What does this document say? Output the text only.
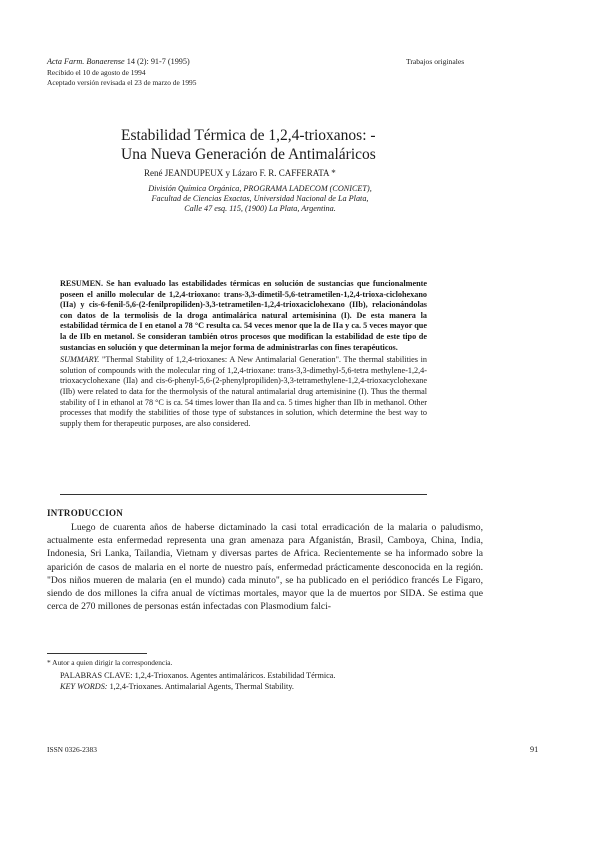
Acta Farm. Bonaerense 14 (2): 91-7 (1995)
Recibido el 10 de agosto de 1994
Aceptado versión revisada el 23 de marzo de 1995
Trabajos originales
Estabilidad Térmica de 1,2,4-trioxanos: -
Una Nueva Generación de Antimaláricos
René JEANDUPEUX y Lázaro F. R. CAFFERATA *
División Química Orgánica, PROGRAMA LADECOM (CONICET),
Facultad de Ciencias Exactas, Universidad Nacional de La Plata,
Calle 47 esq. 115, (1900) La Plata, Argentina.

RESUMEN. Se han evaluado las estabilidades térmicas en solución de sustancias que funcionalmente poseen el anillo molecular de 1,2,4-trioxano: trans-3,3-dimetil-5,6-tetrametilen-1,2,4-trioxa-ciclohexano (IIa) y cis-6-fenil-5,6-(2-fenilpropiliden)-3,3-tetrametilen-1,2,4-trioxaciclohexano (IIb), relacionándolas con datos de la termolisis de la droga antimalárica natural artemisinina (I). De esta manera la estabilidad térmica de I en etanol a 78 °C resulta ca. 54 veces menor que la de IIa y ca. 5 veces mayor que la de IIb en metanol. Se consideran también otros procesos que modifican la estabilidad de este tipo de sustancias en solución y que determinan la mejor forma de administrarlas con fines terapéuticos.

SUMMARY. "Thermal Stability of 1,2,4-trioxanes: A New Antimalarial Generation". The thermal stabilities in solution of compounds with the molecular ring of 1,2,4-trioxane: trans-3,3-dimethyl-5,6-tetra methylene-1,2,4-trioxacyclohexane (IIa) and cis-6-phenyl-5,6-(2-phenylpropiliden)-3,3-tetramethylene-1,2,4-trioxacyclohexane (IIb) were related to data for the thermolysis of the natural antimalarial drug artemisinine (I). Thus the thermal stability of I in ethanol at 78 °C is ca. 54 times lower than IIa and ca. 5 times higher than IIb in methanol. Other processes that modify the stabilities of those type of substances in solution, which determine the best way to supply them for therapeutic purposes, are also considered.

INTRODUCCION

Luego de cuarenta años de haberse dictaminado la casi total erradicación de la malaria o paludismo, actualmente esta enfermedad representa una gran amenaza para Afganistán, Brasil, Camboya, China, India, Indonesia, Sri Lanka, Tailandia, Vietnam y diversas partes de Africa. Recientemente se ha informado sobre la aparición de casos de malaria en el norte de nuestro país, enfermedad prácticamente desconocida en la región. "Dos niños mueren de malaria (en el mundo) cada minuto", se ha publicado en el periódico francés Le Figaro, siendo de dos millones la cifra anual de víctimas mortales, mayor que la de muertos por SIDA. Se estima que cerca de 270 millones de personas están infectadas con Plasmodium falci-

* Autor a quien dirigir la correspondencia.
PALABRAS CLAVE: 1,2,4-Trioxanos. Agentes antimaláricos. Estabilidad Térmica.
KEY WORDS: 1,2,4-Trioxanes. Antimalarial Agents, Thermal Stability.
ISSN 0326-2383	91
